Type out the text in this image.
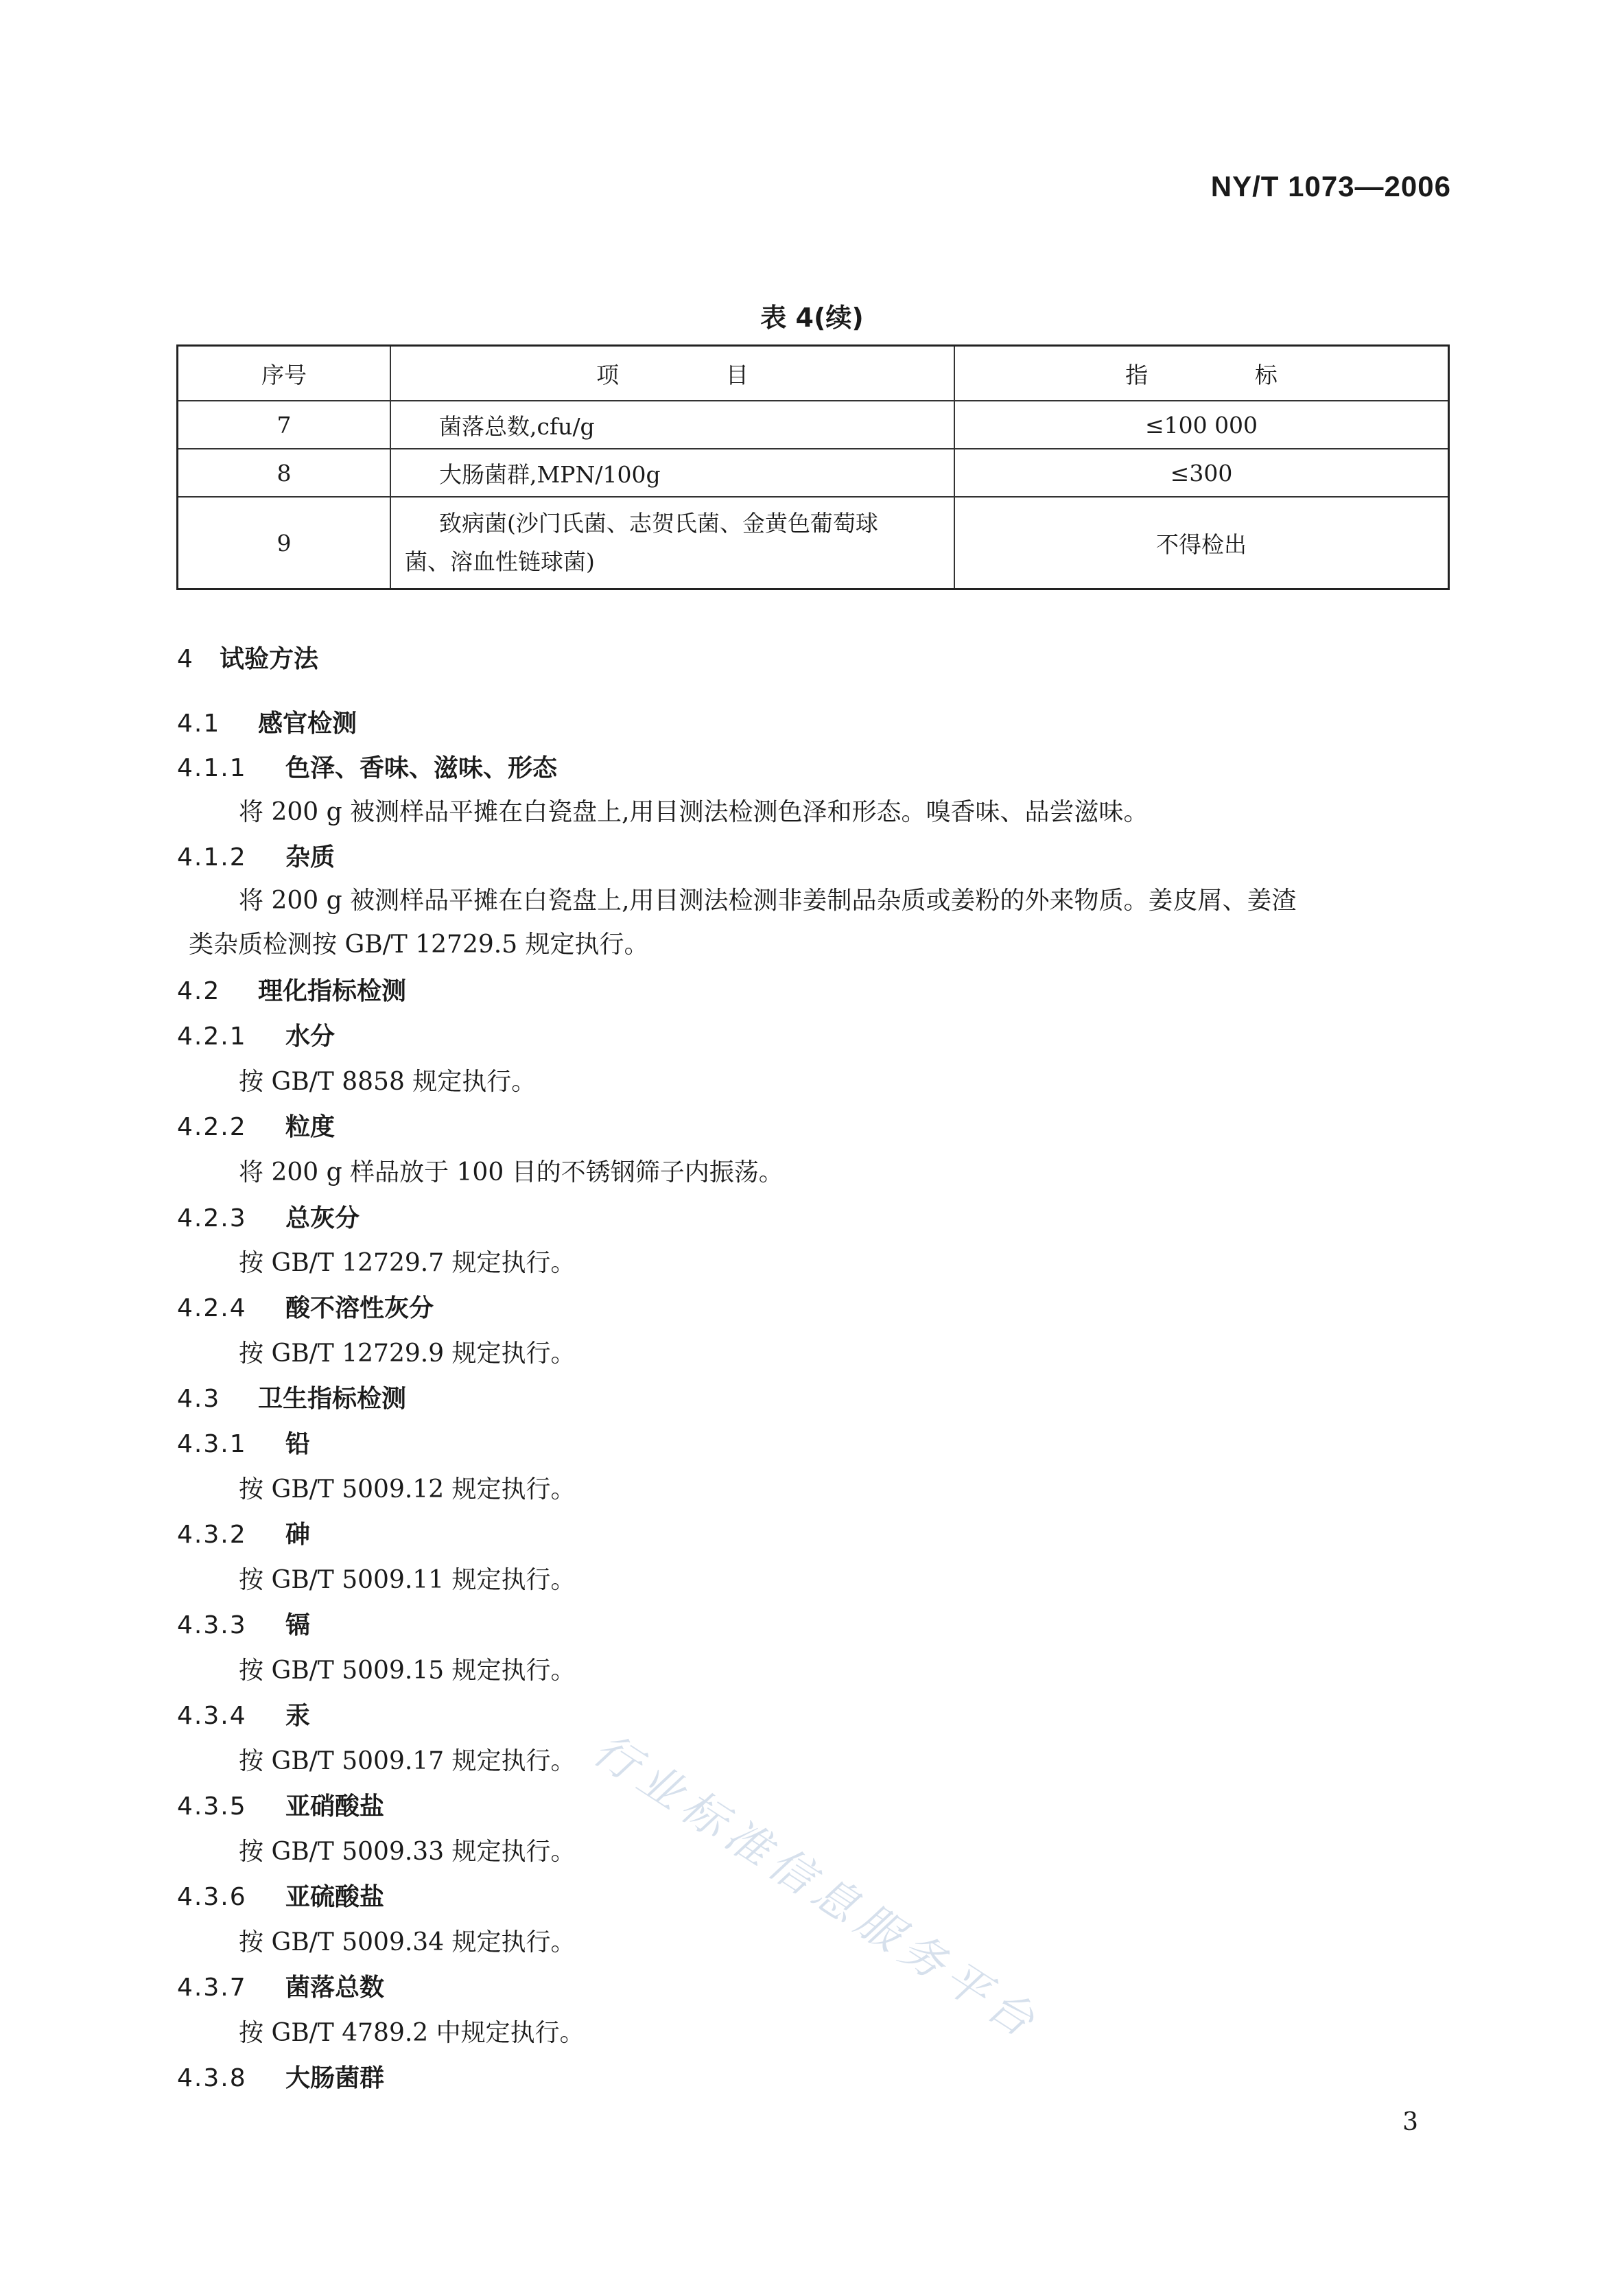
NY/T 1073—2006
表 4(续)
序号	项 目	指 标
7	菌落总数,cfu/g	≤100 000
8	大肠菌群,MPN/100g	≤300
9	致病菌(沙门氏菌、志贺氏菌、金黄色葡萄球
菌、溶血性链球菌)	不得检出
4 试验方法
4.1 感官检测
4.1.1 色泽、香味、滋味、形态
将 200 g 被测样品平摊在白瓷盘上,用目测法检测色泽和形态。嗅香味、品尝滋味。
4.1.2 杂质
将 200 g 被测样品平摊在白瓷盘上,用目测法检测非姜制品杂质或姜粉的外来物质。姜皮屑、姜渣
类杂质检测按 GB/T 12729.5 规定执行。
4.2 理化指标检测
4.2.1 水分
按 GB/T 8858 规定执行。
4.2.2 粒度
将 200 g 样品放于 100 目的不锈钢筛子内振荡。
4.2.3 总灰分
按 GB/T 12729.7 规定执行。
4.2.4 酸不溶性灰分
按 GB/T 12729.9 规定执行。
4.3 卫生指标检测
4.3.1 铅
按 GB/T 5009.12 规定执行。
4.3.2 砷
按 GB/T 5009.11 规定执行。
4.3.3 镉
按 GB/T 5009.15 规定执行。
4.3.4 汞
按 GB/T 5009.17 规定执行。
4.3.5 亚硝酸盐
按 GB/T 5009.33 规定执行。
4.3.6 亚硫酸盐
按 GB/T 5009.34 规定执行。
4.3.7 菌落总数
按 GB/T 4789.2 中规定执行。
4.3.8 大肠菌群
3
行业标准信息服务平台
